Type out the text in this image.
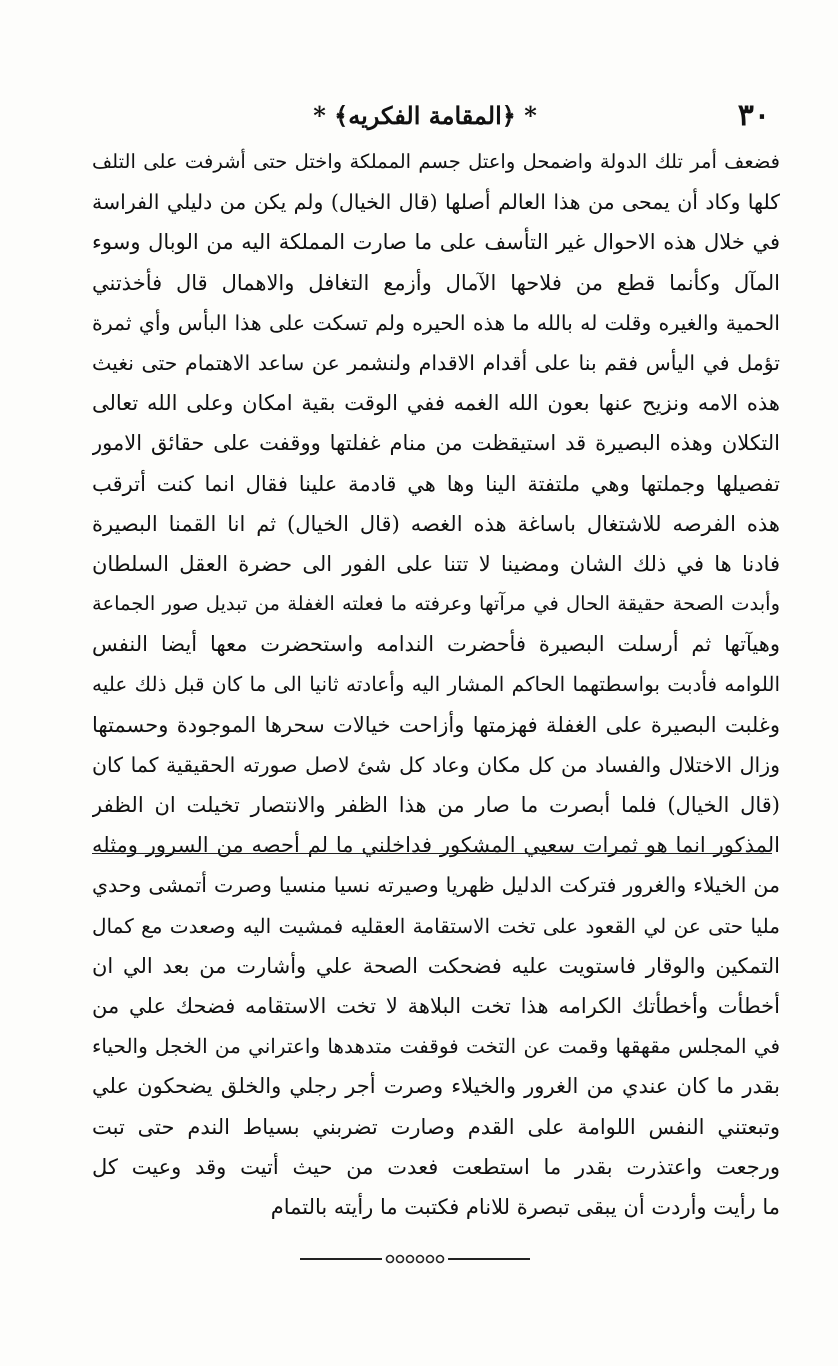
٣٠
* ﴿المقامة الفكريه﴾ *
فضعف أمر تلك الدولة واضمحل واعتل جسم المملكة واختل حتى أشرفت على التلف
كلها وكاد أن يمحى من هذا العالم أصلها (قال الخيال) ولم يكن من دليلي الفراسة
في خلال هذه الاحوال غير التأسف على ما صارت المملكة اليه من الوبال وسوء
المآل وكأنما قطع من فلاحها الآمال وأزمع التغافل والاهمال قال فأخذتني
الحمية والغيره وقلت له بالله ما هذه الحيره ولم تسكت على هذا البأس وأي ثمرة
تؤمل في اليأس فقم بنا على أقدام الاقدام ولنشمر عن ساعد الاهتمام حتى نغيث
هذه الامه ونزيح عنها بعون الله الغمه ففي الوقت بقية امكان وعلى الله تعالى
التكلان وهذه البصيرة قد استيقظت من منام غفلتها ووقفت على حقائق الامور
تفصيلها وجملتها وهي ملتفتة الينا وها هي قادمة علينا فقال انما كنت أترقب
هذه الفرصه للاشتغال باساغة هذه الغصه (قال الخيال) ثم انا القمنا البصيرة
فادنا ها في ذلك الشان ومضينا لا تتنا على الفور الى حضرة العقل السلطان
وأبدت الصحة حقيقة الحال في مرآتها وعرفته ما فعلته الغفلة من تبديل صور الجماعة
وهيآتها ثم أرسلت البصيرة فأحضرت الندامه واستحضرت معها أيضا النفس
اللوامه فأدبت بواسطتهما الحاكم المشار اليه وأعادته ثانيا الى ما كان قبل ذلك عليه
وغلبت البصيرة على الغفلة فهزمتها وأزاحت خيالات سحرها الموجودة وحسمتها
وزال الاختلال والفساد من كل مكان وعاد كل شئ لاصل صورته الحقيقية كما كان
(قال الخيال) فلما أبصرت ما صار من هذا الظفر والانتصار تخيلت ان الظفر
المذكور انما هو ثمرات سعيي المشكور فداخلني ما لم أحصه من السرور ومثله
من الخيلاء والغرور فتركت الدليل ظهريا وصيرته نسيا منسيا وصرت أتمشى وحدي
مليا حتى عن لي القعود على تخت الاستقامة العقليه فمشيت اليه وصعدت مع كمال
التمكين والوقار فاستويت عليه فضحكت الصحة علي وأشارت من بعد الي ان
أخطأت وأخطأتك الكرامه هذا تخت البلاهة لا تخت الاستقامه فضحك علي من
في المجلس مقهقها وقمت عن التخت فوقفت متدهدها واعتراني من الخجل والحياء
بقدر ما كان عندي من الغرور والخيلاء وصرت أجر رجلي والخلق يضحكون علي
وتبعتني النفس اللوامة على القدم وصارت تضربني بسياط الندم حتى تبت
ورجعت واعتذرت بقدر ما استطعت فعدت من حيث أتيت وقد وعيت كل
ما رأيت وأردت أن يبقى تبصرة للانام فكتبت ما رأيته بالتمام
